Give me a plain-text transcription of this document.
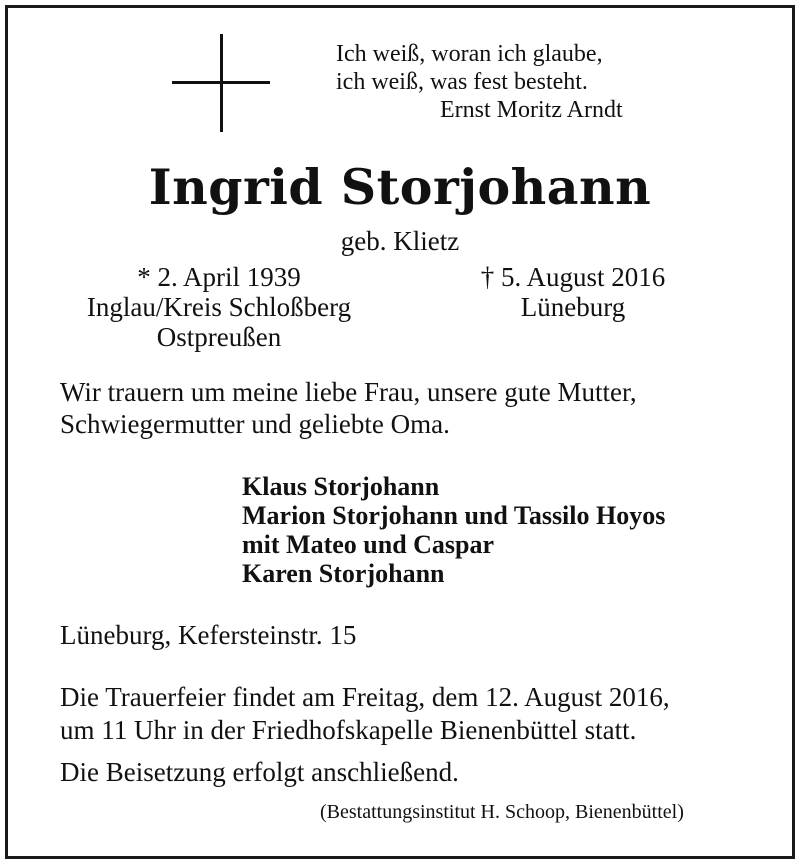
Ich weiß, woran ich glaube,
ich weiß, was fest besteht.
Ernst Moritz Arndt
Ingrid Storjohann
geb. Klietz
* 2. April 1939
Inglau/Kreis Schloßberg
Ostpreußen
† 5. August 2016
Lüneburg
Wir trauern um meine liebe Frau, unsere gute Mutter,
Schwiegermutter und geliebte Oma.
Klaus Storjohann
Marion Storjohann und Tassilo Hoyos
mit Mateo und Caspar
Karen Storjohann
Lüneburg, Kefersteinstr. 15
Die Trauerfeier findet am Freitag, dem 12. August 2016,
um 11 Uhr in der Friedhofskapelle Bienenbüttel statt.
Die Beisetzung erfolgt anschließend.
(Bestattungsinstitut H. Schoop, Bienenbüttel)
